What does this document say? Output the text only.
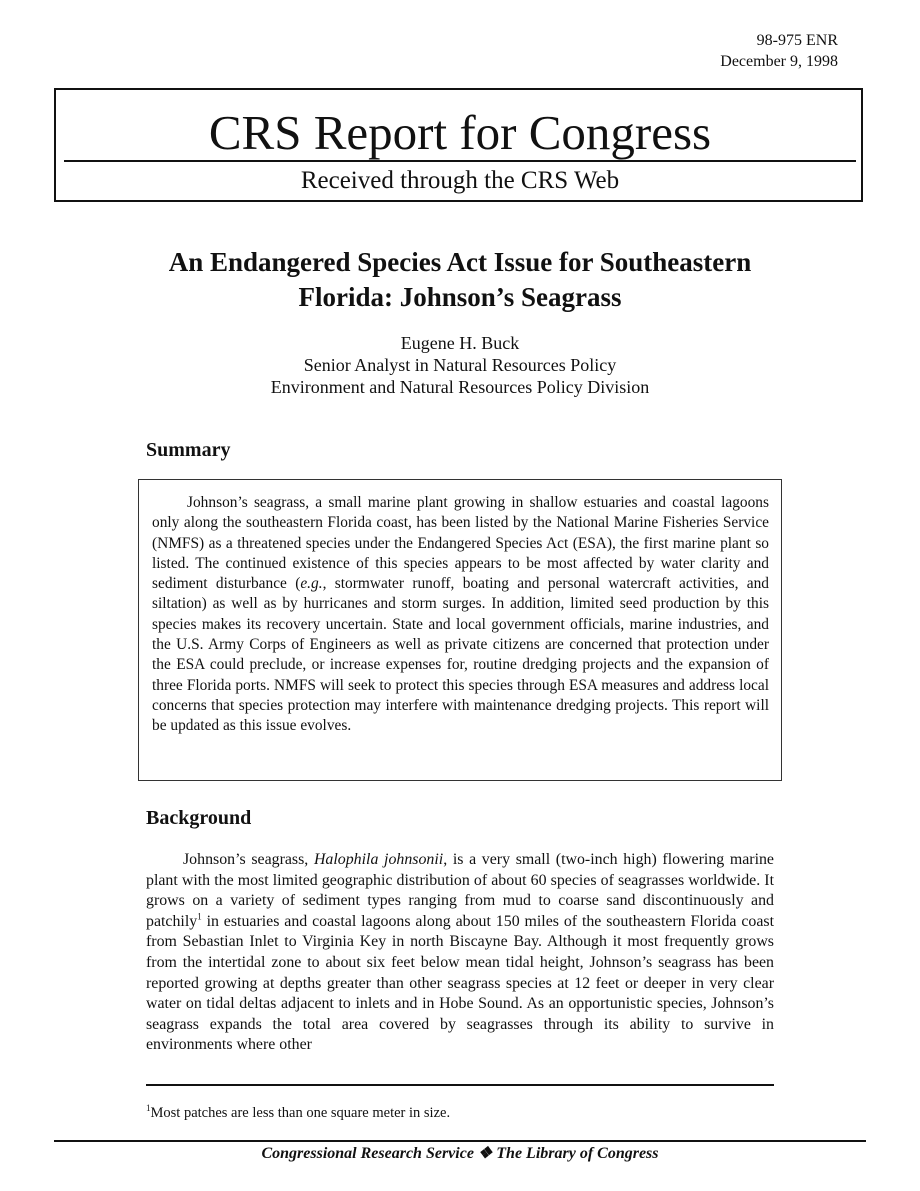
98-975 ENR
December 9, 1998
CRS Report for Congress
Received through the CRS Web
An Endangered Species Act Issue for Southeastern
Florida: Johnson’s Seagrass
Eugene H. Buck
Senior Analyst in Natural Resources Policy
Environment and Natural Resources Policy Division
Summary

Johnson’s seagrass, a small marine plant growing in shallow estuaries and coastal lagoons only along the southeastern Florida coast, has been listed by the National Marine Fisheries Service (NMFS) as a threatened species under the Endangered Species Act (ESA), the first marine plant so listed. The continued existence of this species appears to be most affected by water clarity and sediment disturbance (e.g., stormwater runoff, boating and personal watercraft activities, and siltation) as well as by hurricanes and storm surges. In addition, limited seed production by this species makes its recovery uncertain. State and local government officials, marine industries, and the U.S. Army Corps of Engineers as well as private citizens are concerned that protection under the ESA could preclude, or increase expenses for, routine dredging projects and the expansion of three Florida ports. NMFS will seek to protect this species through ESA measures and address local concerns that species protection may interfere with maintenance dredging projects. This report will be updated as this issue evolves.

Background

Johnson’s seagrass, Halophila johnsonii, is a very small (two-inch high) flowering marine plant with the most limited geographic distribution of about 60 species of seagrasses worldwide. It grows on a variety of sediment types ranging from mud to coarse sand discontinuously and patchily$^1$ in estuaries and coastal lagoons along about 150 miles of the southeastern Florida coast from Sebastian Inlet to Virginia Key in north Biscayne Bay. Although it most frequently grows from the intertidal zone to about six feet below mean tidal height, Johnson’s seagrass has been reported growing at depths greater than other seagrass species at 12 feet or deeper in very clear water on tidal deltas adjacent to inlets and in Hobe Sound. As an opportunistic species, Johnson’s seagrass expands the total area covered by seagrasses through its ability to survive in environments where other

$^1$Most patches are less than one square meter in size.
Congressional Research Service ❖ The Library of Congress
